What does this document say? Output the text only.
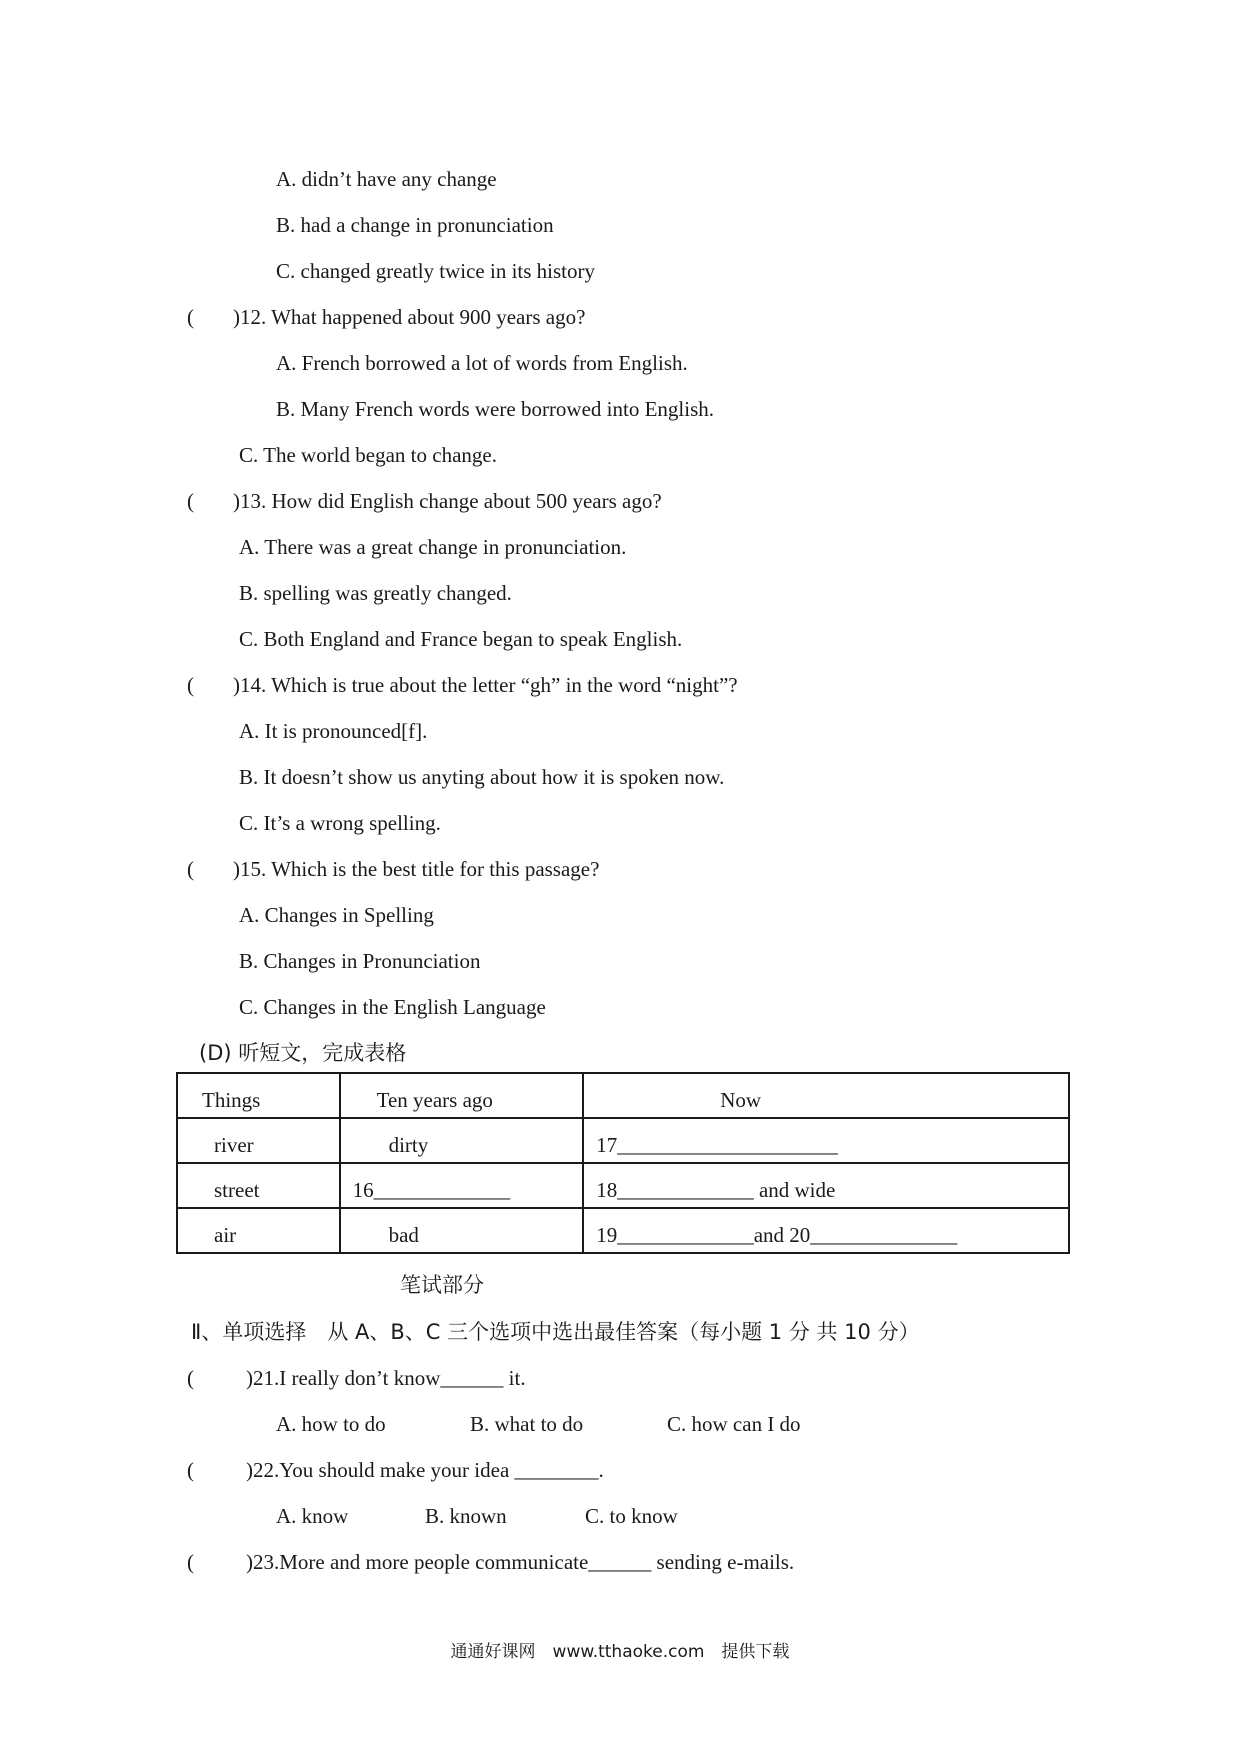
A. didn’t have any change
B. had a change in pronunciation
C. changed greatly twice in its history
( )12. What happened about 900 years ago?
A. French borrowed a lot of words from English.
B. Many French words were borrowed into English.
C. The world began to change.
( )13. How did English change about 500 years ago?
A. There was a great change in pronunciation.
B. spelling was greatly changed.
C. Both England and France began to speak English.
( )14. Which is true about the letter “gh” in the word “night”?
A. It is pronounced[f].
B. It doesn’t show us anyting about how it is spoken now.
C. It’s a wrong spelling.
( )15. Which is the best title for this passage?
A. Changes in Spelling
B. Changes in Pronunciation
C. Changes in the English Language
(D) 听短文，完成表格
Things	Ten years ago	Now

river	dirty	17_____________________

street	16_____________	18_____________ and wide

air	bad	19_____________and 20______________
笔试部分
Ⅱ、单项选择　从 A、B、C 三个选项中选出最佳答案（每小题 1 分 共 10 分）
( )21.I really don’t know______ it.
A. how to do	B. what to do	C. how can I do
( )22.You should make your idea ________.
A. know	B. known	C. to know
( )23.More and more people communicate______ sending e-mails.
通通好课网　www.tthaoke.com　提供下载
